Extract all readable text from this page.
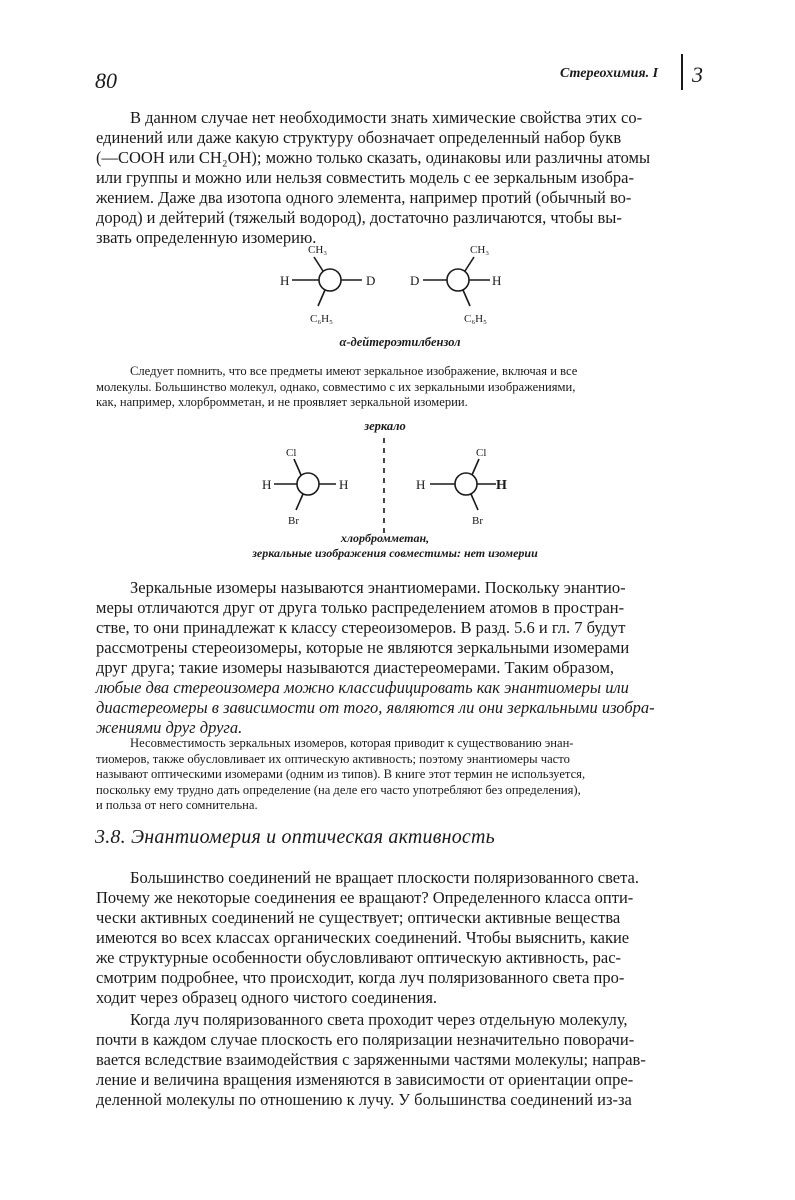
80	Стереохимия. I 3

В данном случае нет необходимости знать химические свойства этих со-

единений или даже какую структуру обозначает определенный набор букв

(—COOH или CH₂OH); можно только сказать, одинаковы или различны атомы

или группы и можно или нельзя совместить модель с ее зеркальным изобра-

жением. Даже два изотопа одного элемента, например протий (обычный во-

дород) и дейтерий (тяжелый водород), достаточно различаются, чтобы вы-

звать определенную изомерию.

CH₃
H	D
C₆H₅
CH₃
D	H
C₆H₅
α-дейтероэтилбензол

Следует помнить, что все предметы имеют зеркальное изображение, включая и все

молекулы. Большинство молекул, однако, совместимо с их зеркальными изображениями,

как, например, хлорбромметан, и не проявляет зеркальной изомерии.

зеркало
Cl
H	H
Br
Cl
H	H
Br
хлорбромметан,
зеркальные изображения совместимы: нет изомерии

Зеркальные изомеры называются энантиомерами. Поскольку энантио-

меры отличаются друг от друга только распределением атомов в простран-

стве, то они принадлежат к классу стереоизомеров. В разд. 5.6 и гл. 7 будут

рассмотрены стереоизомеры, которые не являются зеркальными изомерами

друг друга; такие изомеры называются диастереомерами. Таким образом,

любые два стереоизомера можно классифицировать как энантиомеры или

диастереомеры в зависимости от того, являются ли они зеркальными изобра-

жениями друг друга.

Несовместимость зеркальных изомеров, которая приводит к существованию энан-

тиомеров, также обусловливает их оптическую активность; поэтому энантиомеры часто

называют оптическими изомерами (одним из типов). В книге этот термин не используется,

поскольку ему трудно дать определение (на деле его часто употребляют без определения),

и польза от него сомнительна.

3.8. Энантиомерия и оптическая активность

Большинство соединений не вращает плоскости поляризованного света.

Почему же некоторые соединения ее вращают? Определенного класса опти-

чески активных соединений не существует; оптически активные вещества

имеются во всех классах органических соединений. Чтобы выяснить, какие

же структурные особенности обусловливают оптическую активность, рас-

смотрим подробнее, что происходит, когда луч поляризованного света про-

ходит через образец одного чистого соединения.

Когда луч поляризованного света проходит через отдельную молекулу,

почти в каждом случае плоскость его поляризации незначительно поворачи-

вается вследствие взаимодействия с заряженными частями молекулы; направ-

ление и величина вращения изменяются в зависимости от ориентации опре-

деленной молекулы по отношению к лучу. У большинства соединений из-за
